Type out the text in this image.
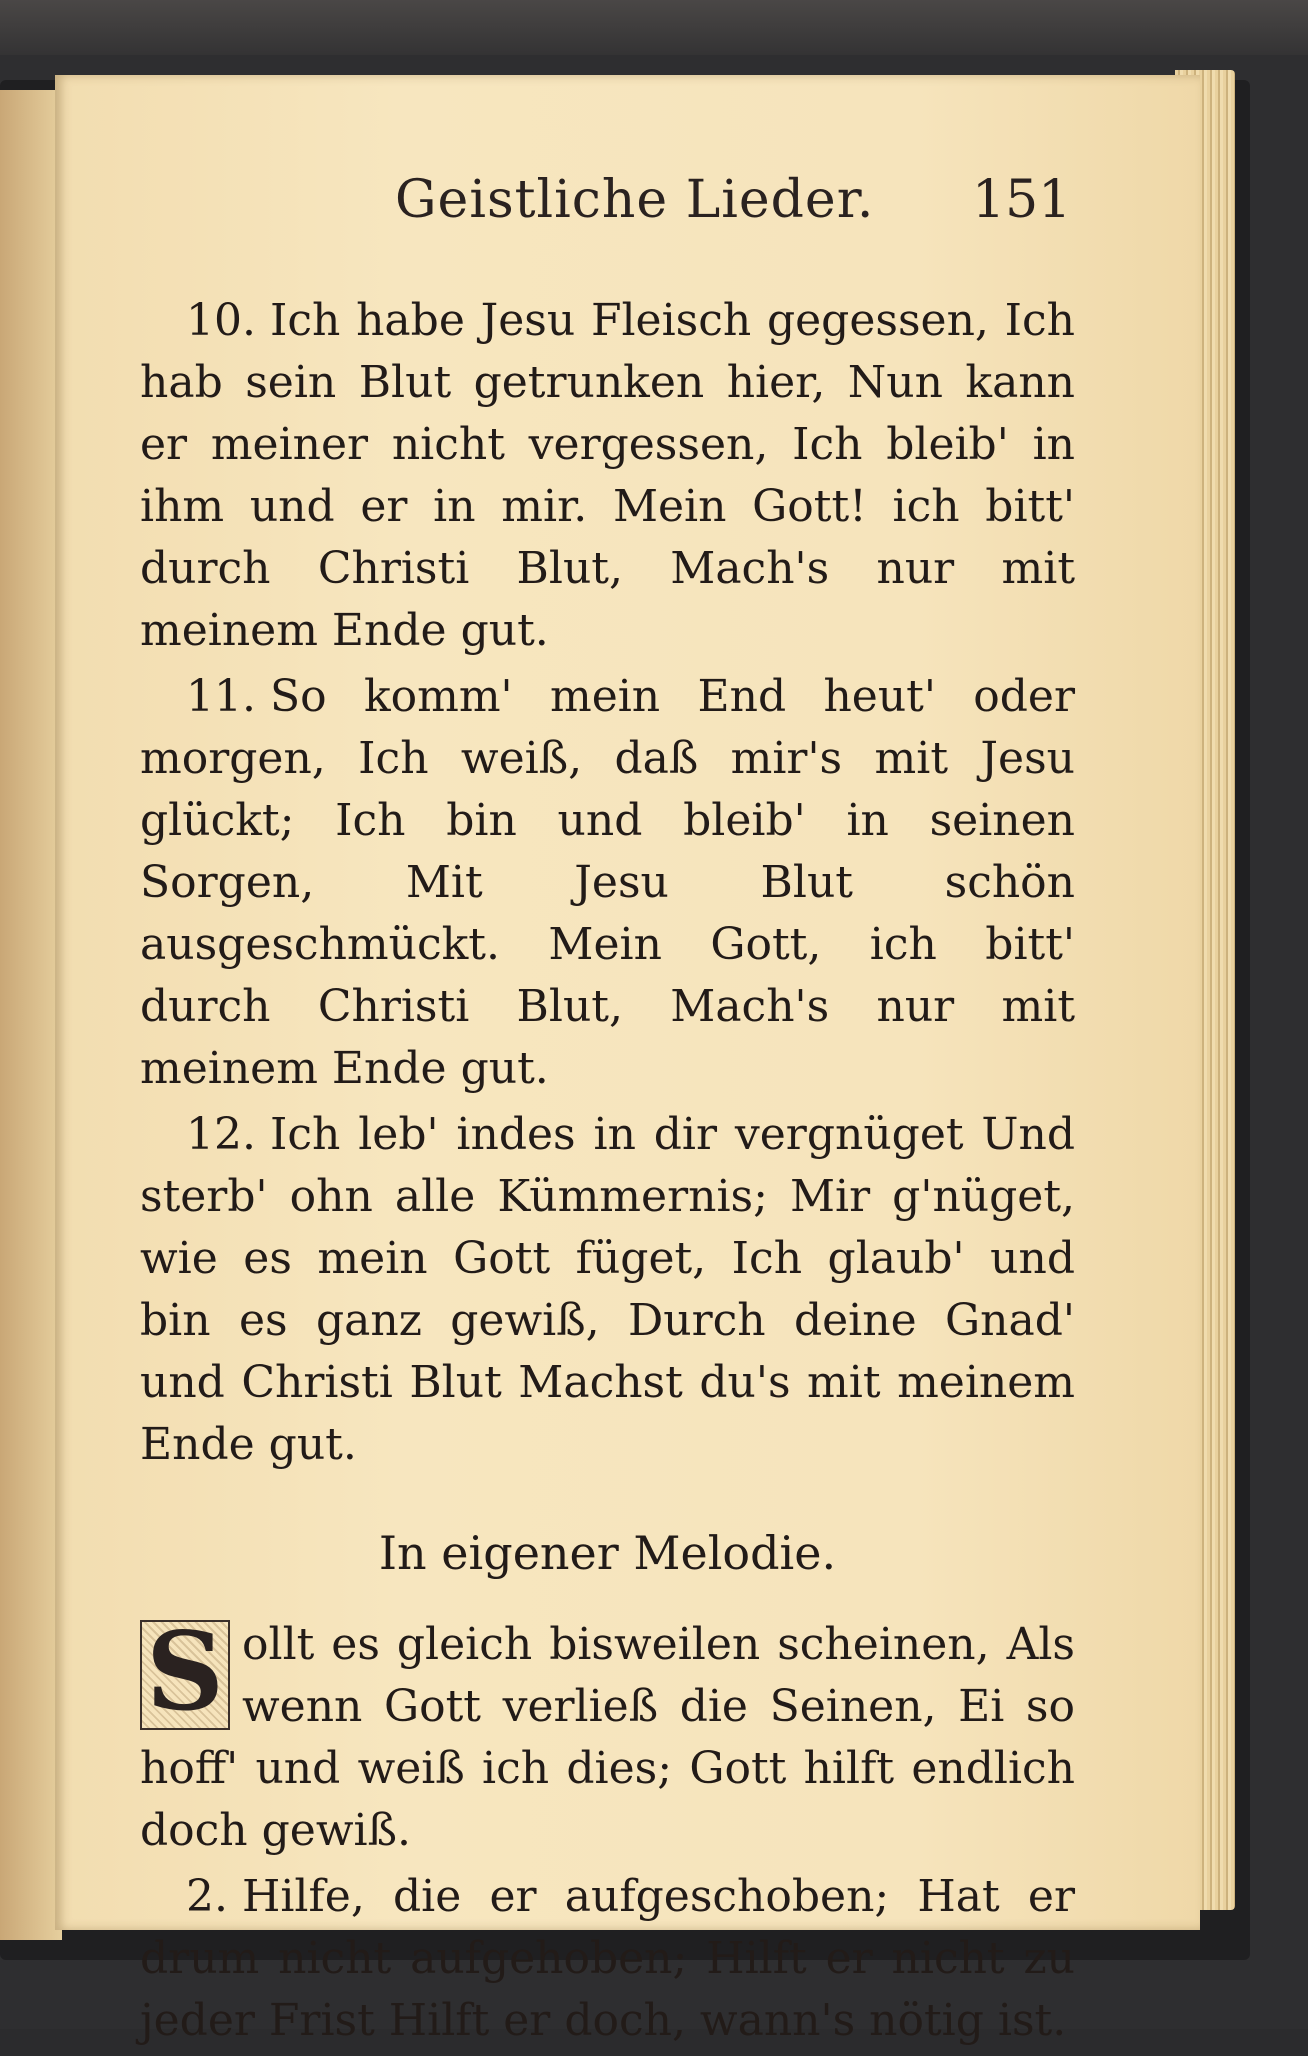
Geistliche Lieder. 151

10. Ich habe Jesu Fleisch gegessen, Ich hab sein Blut getrunken hier, Nun kann er meiner nicht vergessen, Ich bleib' in ihm und er in mir. Mein Gott! ich bitt' durch Christi Blut, Mach's nur mit meinem Ende gut.

11. So komm' mein End heut' oder morgen, Ich weiß, daß mir's mit Jesu glückt; Ich bin und bleib' in seinen Sorgen, Mit Jesu Blut schön ausgeschmückt. Mein Gott, ich bitt' durch Christi Blut, Mach's nur mit meinem Ende gut.

12. Ich leb' indes in dir vergnüget Und sterb' ohn alle Kümmernis; Mir g'nüget, wie es mein Gott füget, Ich glaub' und bin es ganz gewiß, Durch deine Gnad' und Christi Blut Machst du's mit meinem Ende gut.

In eigener Melodie.

S ollt es gleich bisweilen scheinen, Als wenn Gott verließ die Seinen, Ei so hoff' und weiß ich dies; Gott hilft endlich doch gewiß.

2. Hilfe, die er aufgeschoben; Hat er drum nicht aufgehoben; Hilft er nicht zu jeder Frist Hilft er doch, wann's nötig ist.
